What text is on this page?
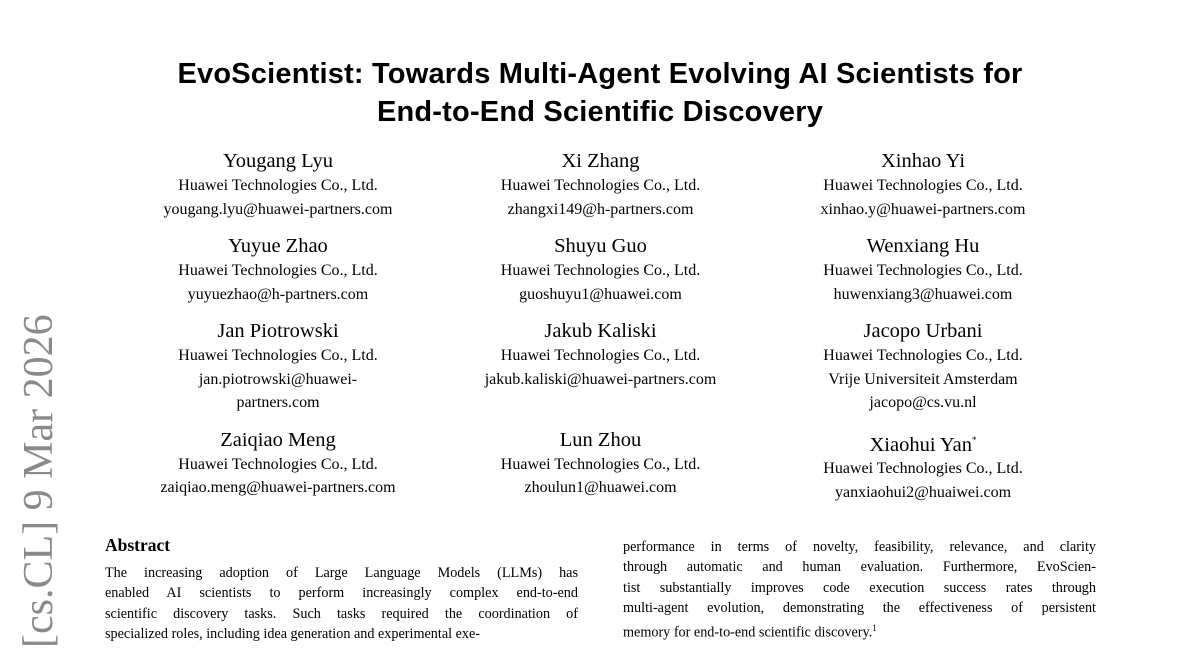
[cs.CL] 9 Mar 2026
EvoScientist: Towards Multi-Agent Evolving AI Scientists for
End-to-End Scientific Discovery
Yougang Lyu
Huawei Technologies Co., Ltd.
yougang.lyu@huawei-partners.com
Xi Zhang
Huawei Technologies Co., Ltd.
zhangxi149@h-partners.com
Xinhao Yi
Huawei Technologies Co., Ltd.
xinhao.y@huawei-partners.com
Yuyue Zhao
Huawei Technologies Co., Ltd.
yuyuezhao@h-partners.com
Shuyu Guo
Huawei Technologies Co., Ltd.
guoshuyu1@huawei.com
Wenxiang Hu
Huawei Technologies Co., Ltd.
huwenxiang3@huawei.com
Jan Piotrowski
Huawei Technologies Co., Ltd.
jan.piotrowski@huawei-
partners.com
Jakub Kaliski
Huawei Technologies Co., Ltd.
jakub.kaliski@huawei-partners.com
Jacopo Urbani
Huawei Technologies Co., Ltd.
Vrije Universiteit Amsterdam
jacopo@cs.vu.nl
Zaiqiao Meng
Huawei Technologies Co., Ltd.
zaiqiao.meng@huawei-partners.com
Lun Zhou
Huawei Technologies Co., Ltd.
zhoulun1@huawei.com
Xiaohui Yan*
Huawei Technologies Co., Ltd.
yanxiaohui2@huaiwei.com
Abstract
The increasing adoption of Large Language Models (LLMs) has
enabled AI scientists to perform increasingly complex end-to-end
scientific discovery tasks. Such tasks required the coordination of
specialized roles, including idea generation and experimental exe-
performance in terms of novelty, feasibility, relevance, and clarity
through automatic and human evaluation. Furthermore, EvoScien-
tist substantially improves code execution success rates through
multi-agent evolution, demonstrating the effectiveness of persistent
memory for end-to-end scientific discovery.$^1$
